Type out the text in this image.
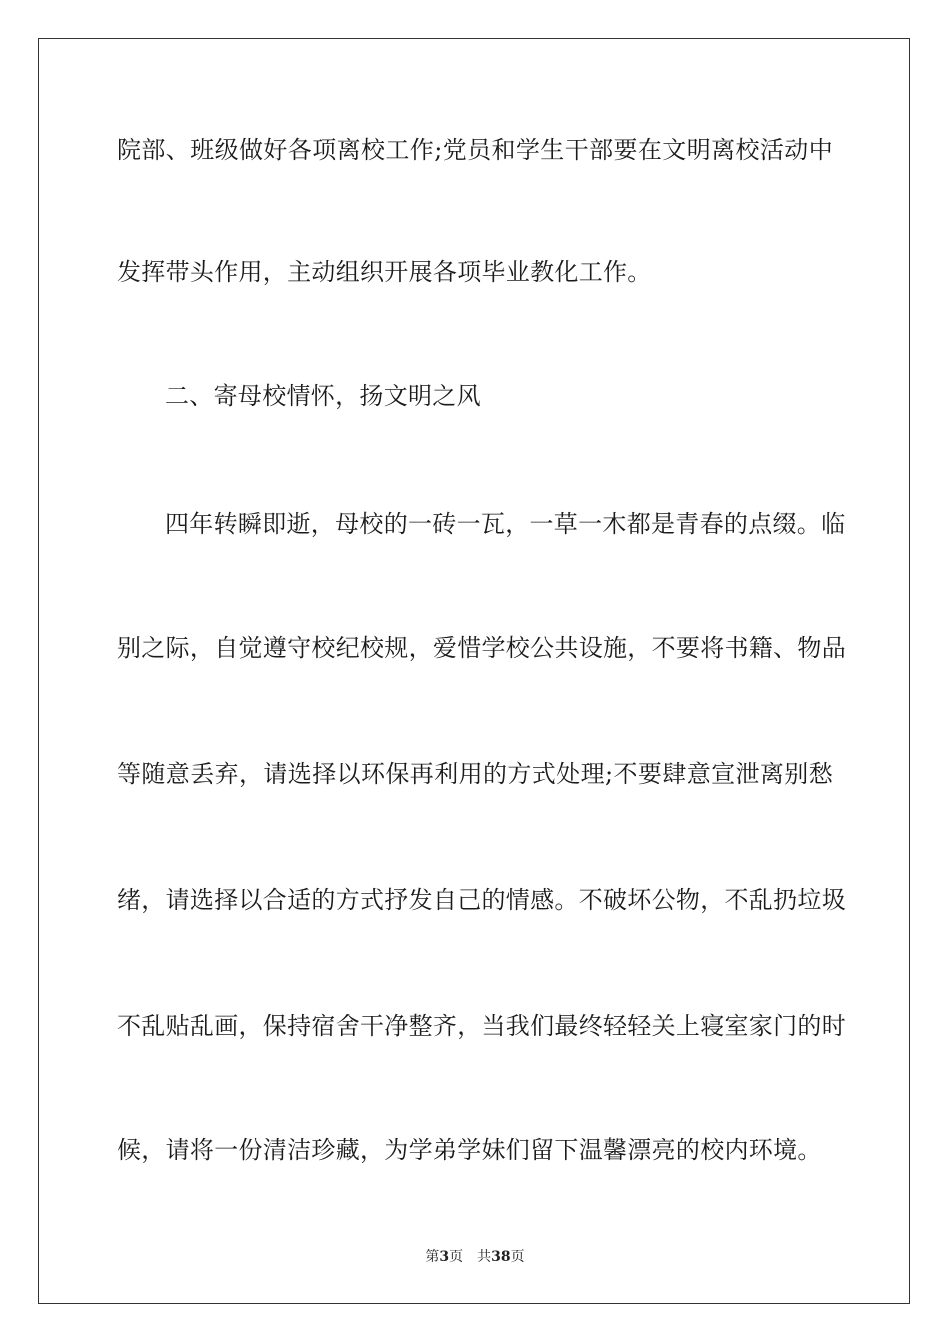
院部、班级做好各项离校工作;党员和学生干部要在文明离校活动中
发挥带头作用，主动组织开展各项毕业教化工作。
二、寄母校情怀，扬文明之风
四年转瞬即逝，母校的一砖一瓦，一草一木都是青春的点缀。临
别之际，自觉遵守校纪校规，爱惜学校公共设施，不要将书籍、物品
等随意丢弃，请选择以环保再利用的方式处理;不要肆意宣泄离别愁
绪，请选择以合适的方式抒发自己的情感。不破坏公物，不乱扔垃圾
不乱贴乱画，保持宿舍干净整齐，当我们最终轻轻关上寝室家门的时
候，请将一份清洁珍藏，为学弟学妹们留下温馨漂亮的校内环境。
第3页 共38页
